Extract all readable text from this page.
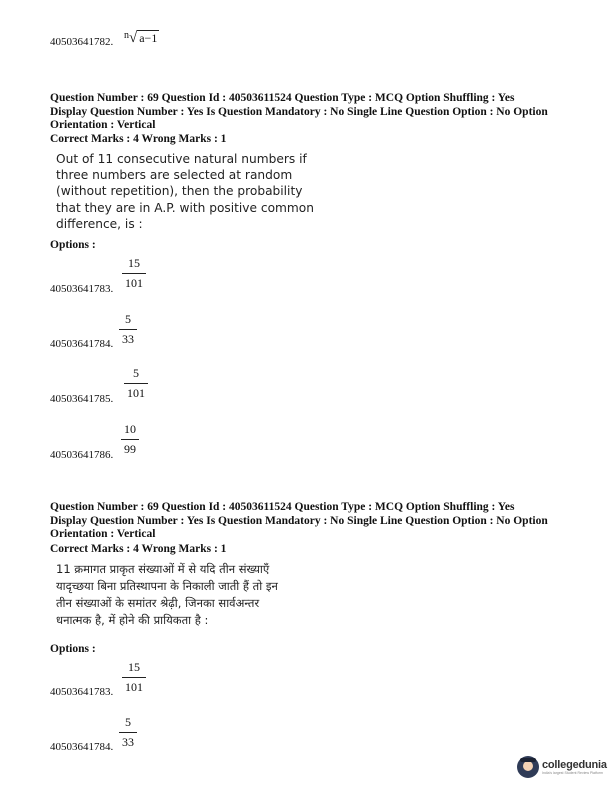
40503641782.
$^n$√ a−1
Question Number : 69 Question Id : 40503611524 Question Type : MCQ Option Shuffling : Yes
Display Question Number : Yes Is Question Mandatory : No Single Line Question Option : No Option
Orientation : Vertical
Correct Marks : 4 Wrong Marks : 1
Out of 11 consecutive natural numbers if
three numbers are selected at random
(without repetition), then the probability
that they are in A.P. with positive common
difference, is :
Options :
40503641783.
15
101
40503641784.
5
33
40503641785.
5
101
40503641786.
10
99
Question Number : 69 Question Id : 40503611524 Question Type : MCQ Option Shuffling : Yes
Display Question Number : Yes Is Question Mandatory : No Single Line Question Option : No Option
Orientation : Vertical
Correct Marks : 4 Wrong Marks : 1
11 क्रमागत प्राकृत संख्याओं में से यदि तीन संख्याएँ
यादृच्छया बिना प्रतिस्थापना के निकाली जाती हैं तो इन
तीन संख्याओं के समांतर श्रेढ़ी, जिनका सार्वअन्तर
धनात्मक है, में होने की प्रायिकता है :
Options :
40503641783.
15
101
40503641784.
5
33
collegedunia
India's largest Student Review Platform
